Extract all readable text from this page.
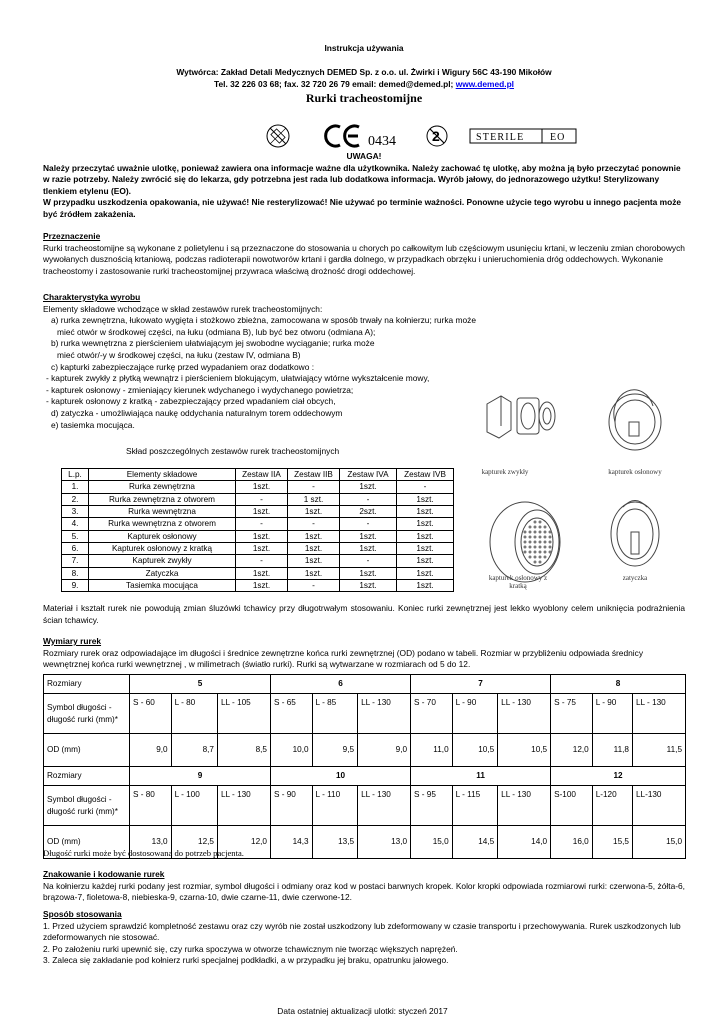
Instrukcja używania
Wytwórca: Zakład Detali Medycznych DEMED Sp. z o.o. ul. Żwirki i Wigury 56C 43-190 Mikołów
Tel. 32 226 03 68; fax. 32 720 26 79 email: demed@demed.pl; www.demed.pl
Rurki tracheostomijne
0434	2	STERILE	EO
UWAGA!
Należy przeczytać uważnie ulotkę, ponieważ zawiera ona informacje ważne dla użytkownika. Należy zachować tę ulotkę, aby można ją było przeczytać ponownie w razie potrzeby. Należy zwrócić się do lekarza, gdy potrzebna jest rada lub dodatkowa informacja. Wyrób jałowy, do jednorazowego użytku! Sterylizowany tlenkiem etylenu (EO).
W przypadku uszkodzenia opakowania, nie używać! Nie resterylizować! Nie używać po terminie ważności. Ponowne użycie tego wyrobu u innego pacjenta może być źródłem zakażenia.
Przeznaczenie
Rurki tracheostomijne są wykonane z polietylenu i są przeznaczone do stosowania u chorych po całkowitym lub częściowym usunięciu krtani, w leczeniu zmian chorobowych wywołanych dusznością krtaniową, podczas radioterapii nowotworów krtani i gardła dolnego, w przypadkach obrzęku i unieruchomienia dróg oddechowych. Wykonanie tracheostomy i zastosowanie rurki tracheostomijnej przywraca właściwą drożność drogi oddechowej.
Charakterystyka wyrobu
Elementy składowe wchodzące w skład zestawów rurek tracheostomijnych:
a) rurka zewnętrzna, łukowato wygięta i stożkowo zbieżna, zamocowana w sposób trwały na kołnierzu; rurka może
mieć otwór w środkowej części, na łuku (odmiana B), lub być bez otworu (odmiana A);
b) rurka wewnętrzna z pierścieniem ułatwiającym jej swobodne wyciąganie; rurka może
mieć otwór/-y w środkowej części, na łuku (zestaw IV, odmiana B)
c) kapturki zabezpieczające rurkę przed wypadaniem oraz dodatkowo :
- kapturek zwykły z płytką wewnątrz i pierścieniem blokującym, ułatwiający wtórne wykształcenie mowy,
- kapturek osłonowy - zmieniający kierunek wdychanego i wydychanego powietrza;
- kapturek osłonowy z kratką - zabezpieczający przed wpadaniem ciał obcych,
d) zatyczka - umożliwiająca naukę oddychania naturalnym torem oddechowym
e) tasiemka mocująca.
Skład poszczególnych zestawów rurek tracheostomijnych
L.p.	Elementy składowe	Zestaw IIA	Zestaw IIB	Zestaw IVA	Zestaw IVB
1.	Rurka zewnętrzna	1szt.	-	1szt.	-
2.	Rurka zewnętrzna z otworem	-	1 szt.	-	1szt.
3.	Rurka wewnętrzna	1szt.	1szt.	2szt.	1szt.
4.	Rurka wewnętrzna z otworem	-	-	-	1szt.
5.	Kapturek osłonowy	1szt.	1szt.	1szt.	1szt.
6.	Kapturek osłonowy z kratką	1szt.	1szt.	1szt.	1szt.
7.	Kapturek zwykły	-	1szt.	-	1szt.
8.	Zatyczka	1szt.	1szt.	1szt.	1szt.
9.	Tasiemka mocująca	1szt.	-	1szt.	1szt.
kapturek zwykły	kapturek osłonowy
kapturek osłonowy z kratką
zatyczka
Materiał i kształt rurek nie powodują zmian śluzówki tchawicy przy długotrwałym stosowaniu. Koniec rurki zewnętrznej jest lekko wyoblony celem uniknięcia podrażnienia ścian tchawicy.
Wymiary rurek
Rozmiary rurek oraz odpowiadające im długości i średnice zewnętrzne końca rurki zewnętrznej (OD) podano w tabeli. Rozmiar w przybliżeniu odpowiada średnicy wewnętrznej końca rurki wewnętrznej , w milimetrach (światło rurki). Rurki są wytwarzane w rozmiarach od 5 do 12.
Rozmiary	5			6			7			8		
Symbol długości - długość rurki (mm)*	S - 60	L - 80	LL - 105	S - 65	L - 85	LL - 130	S - 70	L - 90	LL - 130	S - 75	L - 90	LL - 130
OD (mm)	9,0	8,7	8,5	10,0	9,5	9,0	11,0	10,5	10,5	12,0	11,8	11,5
Rozmiary	9			10			11			12		
Symbol długości - długość rurki (mm)*	S - 80	L - 100	LL - 130	S - 90	L - 110	LL - 130	S - 95	L - 115	LL - 130	S-100	L-120	LL-130
OD (mm)	13,0	12,5	12,0	14,3	13,5	13,0	15,0	14,5	14,0	16,0	15,5	15,0
Długość rurki może być dostosowana do potrzeb pacjenta.
Znakowanie i kodowanie rurek
Na kołnierzu każdej rurki podany jest rozmiar, symbol długości i odmiany oraz kod w postaci barwnych kropek. Kolor kropki odpowiada rozmiarowi rurki: czerwona-5, żółta-6, brązowa-7, fioletowa-8, niebieska-9, czarna-10, dwie czarne-11, dwie czerwone-12.
Sposób stosowania
1. Przed użyciem sprawdzić kompletność zestawu oraz czy wyrób nie został uszkodzony lub zdeformowany w czasie transportu i przechowywania. Rurek uszkodzonych lub zdeformowanych nie stosować.
2. Po założeniu rurki upewnić się, czy rurka spoczywa w otworze tchawicznym nie tworząc większych naprężeń.
3. Zaleca się zakładanie pod kołnierz rurki specjalnej podkładki, a w przypadku jej braku, opatrunku jałowego.
Data ostatniej aktualizacji ulotki: styczeń 2017
